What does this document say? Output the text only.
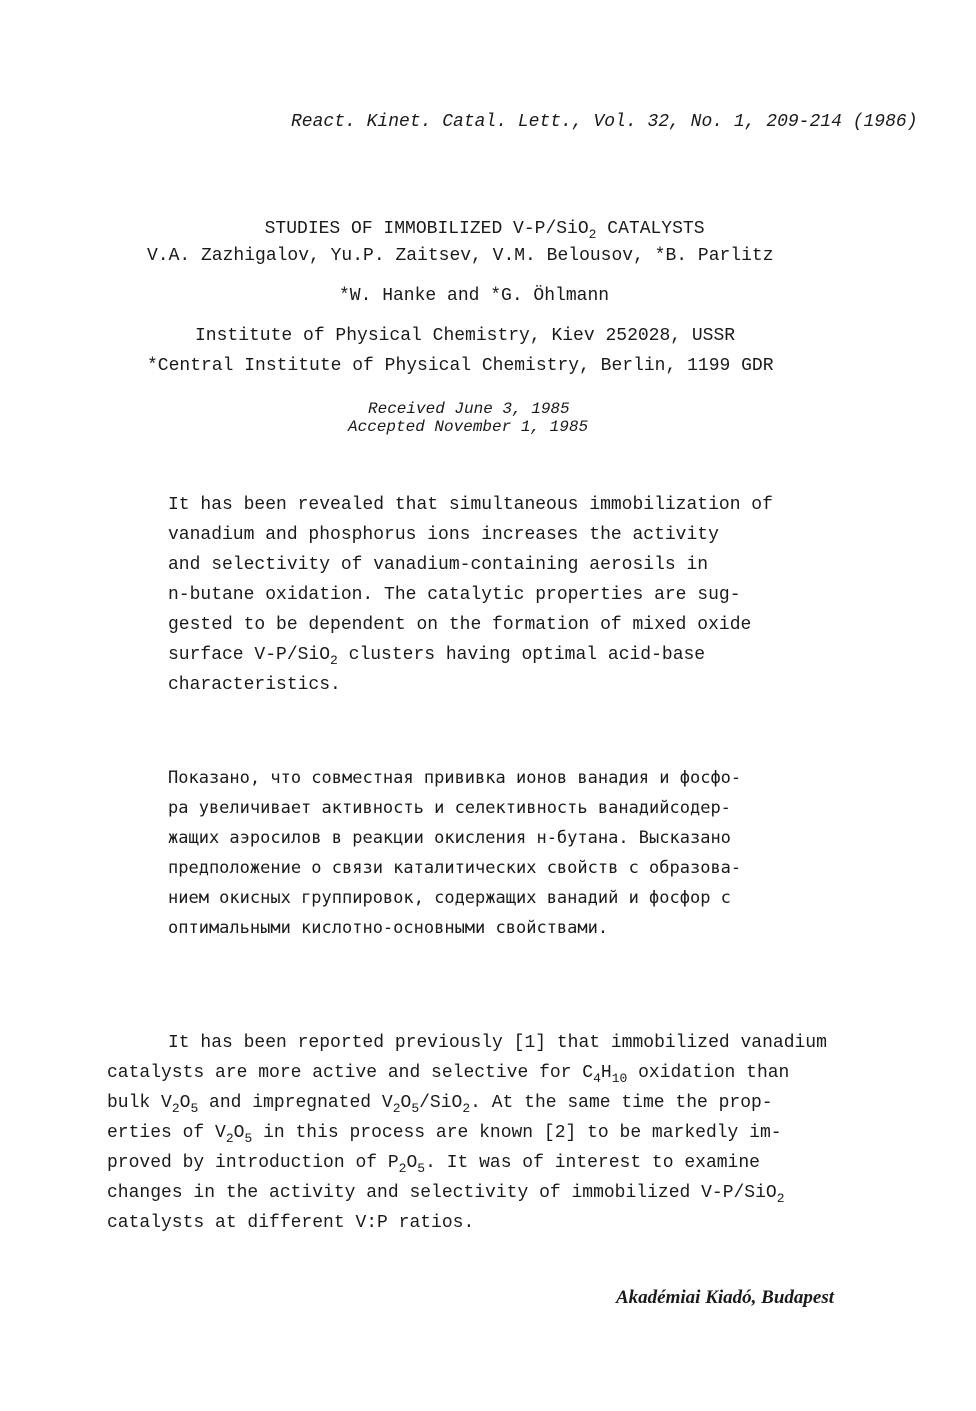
React. Kinet. Catal. Lett., Vol. 32, No. 1, 209-214 (1986)

STUDIES OF IMMOBILIZED V-P/SiO$_2$ CATALYSTS

V.A. Zazhigalov, Yu.P. Zaitsev, V.M. Belousov, *B. Parlitz
*W. Hanke and *G. Öhlmann
Institute of Physical Chemistry, Kiev 252028, USSR
*Central Institute of Physical Chemistry, Berlin, 1199 GDR
Received June 3, 1985
Accepted November 1, 1985
It has been revealed that simultaneous immobilization of
vanadium and phosphorus ions increases the activity
and selectivity of vanadium-containing aerosils in
n-butane oxidation. The catalytic properties are sug-
gested to be dependent on the formation of mixed oxide
surface V-P/SiO$_2$ clusters having optimal acid-base
characteristics.
Показано, что совместная прививка ионов ванадия и фосфо-
ра увеличивает активность и селективность ванадийсодер-
жащих аэросилов в реакции окисления н-бутана. Высказано
предположение о связи каталитических свойств с образова-
нием окисных группировок, содержащих ванадий и фосфор с
оптимальными кислотно-основными свойствами.
It has been reported previously [1] that immobilized vanadium
catalysts are more active and selective for $C_4H_{10}$ oxidation than
bulk $V_2O_5$ and impregnated $V_2O_5/SiO_2$. At the same time the prop-
erties of $V_2O_5$ in this process are known [2] to be markedly im-
proved by introduction of $P_2O_5$. It was of interest to examine
changes in the activity and selectivity of immobilized V-P/SiO$_2$
catalysts at different V:P ratios.
Akadémiai Kiadó, Budapest
